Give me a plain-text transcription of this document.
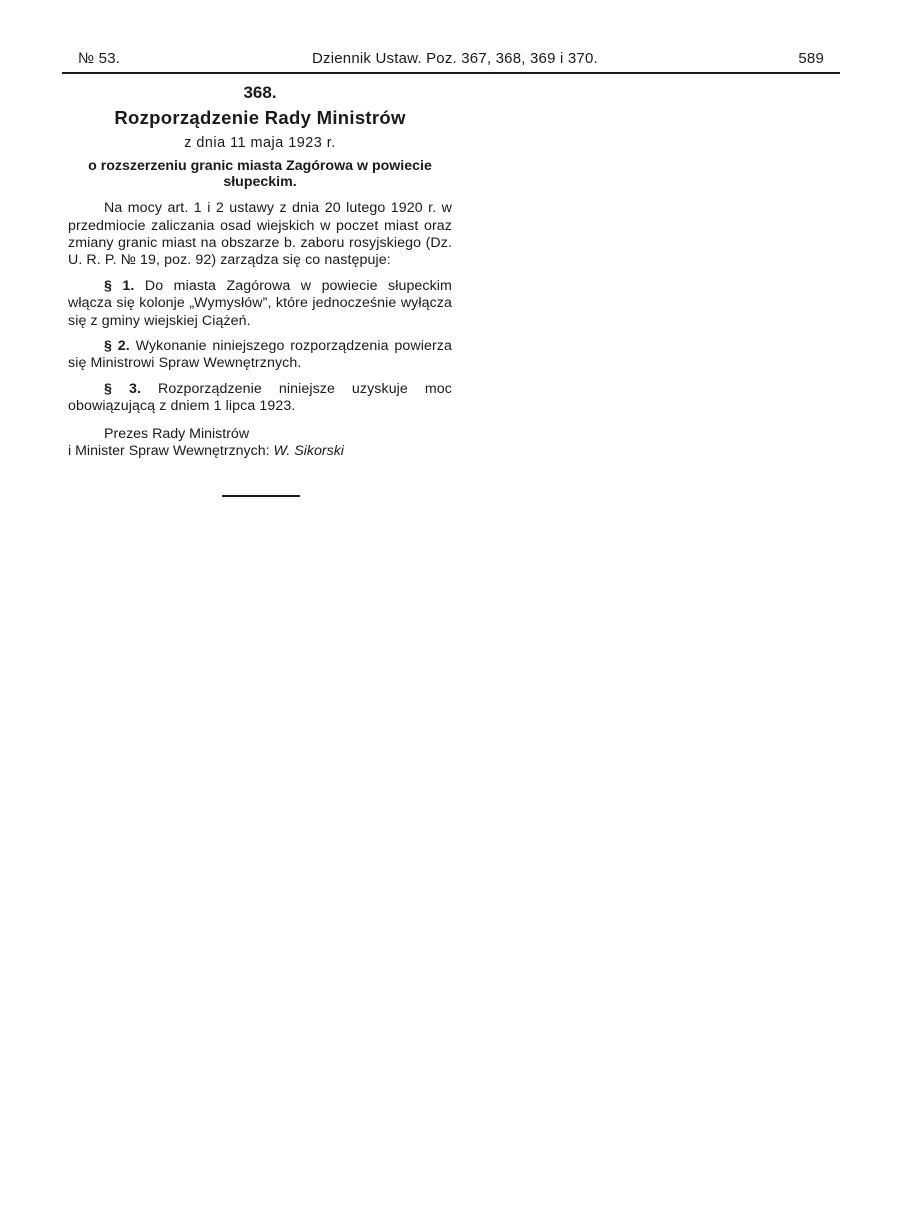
№ 53.	Dziennik Ustaw. Poz. 367, 368, 369 i 370.	589
368.
Rozporządzenie Rady Ministrów
z dnia 11 maja 1923 r.
o rozszerzeniu granic miasta Zagórowa w powiecie słupeckim.

Na mocy art. 1 i 2 ustawy z dnia 20 lutego 1920 r. w przedmiocie zaliczania osad wiejskich w poczet miast oraz zmiany granic miast na obszarze b. zaboru rosyjskiego (Dz. U. R. P. № 19, poz. 92) zarządza się co następuje:

§ 1. Do miasta Zagórowa w powiecie słupeckim włącza się kolonje „Wymysłów”, które jednocześnie wyłącza się z gminy wiejskiej Ciążeń.

§ 2. Wykonanie niniejszego rozporządzenia powierza się Ministrowi Spraw Wewnętrznych.

§ 3. Rozporządzenie niniejsze uzyskuje moc obowiązującą z dniem 1 lipca 1923.

Prezes Rady Ministrów
i Minister Spraw Wewnętrznych: W. Sikorski
